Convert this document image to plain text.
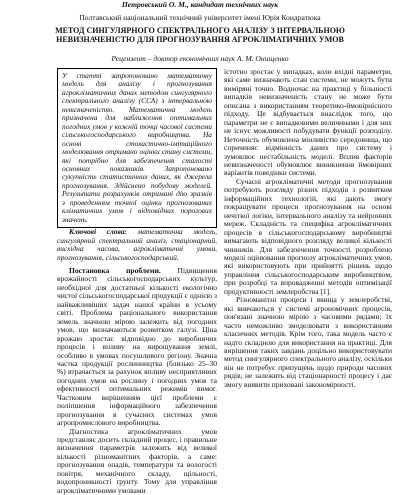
Петровський О. М., кандидат технічних наук
Полтавський національний технічний університет імені Юрія Кондратюка
МЕТОД СИНГУЛЯРНОГО СПЕКТРАЛЬНОГО АНАЛІЗУ З ІНТЕРВАЛЬНОЮ НЕВИЗНАЧЕНІСТЮ ДЛЯ ПРОГНОЗУВАННЯ АГРОКЛІМАТИЧНИХ УМОВ
Рецензент – доктор економічних наук А. М. Онищенко
У статті запропоновано математичну модель для аналізу і прогнозування агрокліматичних даних методом сингулярного спектрального аналізу (ССА) з інтервальною невизначеністю. Математична модель призначена для наближення оптимальних погодних умов у кожній точці часової системи сільськогосподарського виробництва. На основі стохастично-імітаційного моделювання отримано оцінки стану системи, які потрібно для забезпечення сталості основних показників. Запропоновано сукупність статистичних даних, як джерела прогнозування. Здійснено побудову моделей. Результати розрахунків отримані дію зразків з проведенням точної оцінки прогнозованих кліматичних умов і відповідних порогових значень.

Ключові слова: математична модель, сингулярний спектральний аналіз, стаціонарний, висхідна часова, агрокліматичні умови, прогнозування, сільськогосподарський.

Постановка проблеми. Підвищення врожайності сільськогосподарських культур, необхідної для достатньої кількості екологічно чистої сільськогосподарської продукції є однією з найважливіших задач нашої країни в усьому світі. Проблема раціонального використання земель значною мірою залежить від погодних умов, що визначаються розвитком галузі. Ціна врожаю зростає відповідно до виробничих процесів і впливу на вирощування землі, особливо в умовах посушливого регіону. Значна частка продукції рослинництва (близько 25–30 %) втрачається за рахунок впливу несприятливих погодних умов на рослину і погодних умов та ефективності оптимальних режимів вимог. Частковим вирішенням цієї проблеми є поліпшення інформаційного забезпечення прогнозування в сучасних системах умов агропромислового виробництва.

Діагностика агрокліматичних умов представляє досить складний процес, і правильне визначення параметрів залежить від великої кількості різноманітних факторів, а саме: прогнозування опадів, температури та вологості повітря, механічного складу, щільності, водопроникності ґрунту. Тому для управління агрокліматичними умовами

істотно зростає у випадках, коли вхідні параметри, які саме визначають стан системи, не можуть бути виміряні точно. Водночас на практиці у більшості випадків невизначеність стану не може бути описана з використанням теоретико-ймовірнісного підходу. Це відбувається внаслідок того, що параметри не є випадковими величинами і для них не існує можливості побудувати функції розподілу. Неточність обумовлена мінливістю середовища, що спричиняє відмінність даних про систему і зумовлює нестабільність моделі. Вплив факторів невизначеності обумовлює виникнення ймовірних варіантів поведінки системи.

Сучасні агрокліматичні методи прогнозування потребують розгляду різних підходів з розвитком інформаційних технологій, які дають змогу покращувати процеси прогнозування на основі нечіткої логіки, інтервального аналізу та нейронних мереж. Складність та специфіка агрокліматичних процесів в сільськогосподарському виробництві вимагають відповідного розгляду великої кількості чинників. Для забезпечення точності розроблено моделі оцінювання прогнозу агрокліматичних умов, які використовують при прийнятті рішень щодо управління сільськогосподарським виробництвом, при розробці та впровадженні методів оптимізації продуктивності землеробства [1].

Різноманітні процеси і явища у землеробстві, які вивчаються у системі агрономічних процесів, пов'язані значною мірою з часовими рядами; їх часто неможливо змоделювати з використанням класичних методів. Крім того, така модель часто є надто складною для використання на практиці. Для вирішення таких завдань доцільно використовувати метод сингулярного спектрального аналізу, оскільки він не потребує припущень щодо природи часових рядів, не залежить від стаціонарності процесу і дає змогу виявити приховані закономірності.
